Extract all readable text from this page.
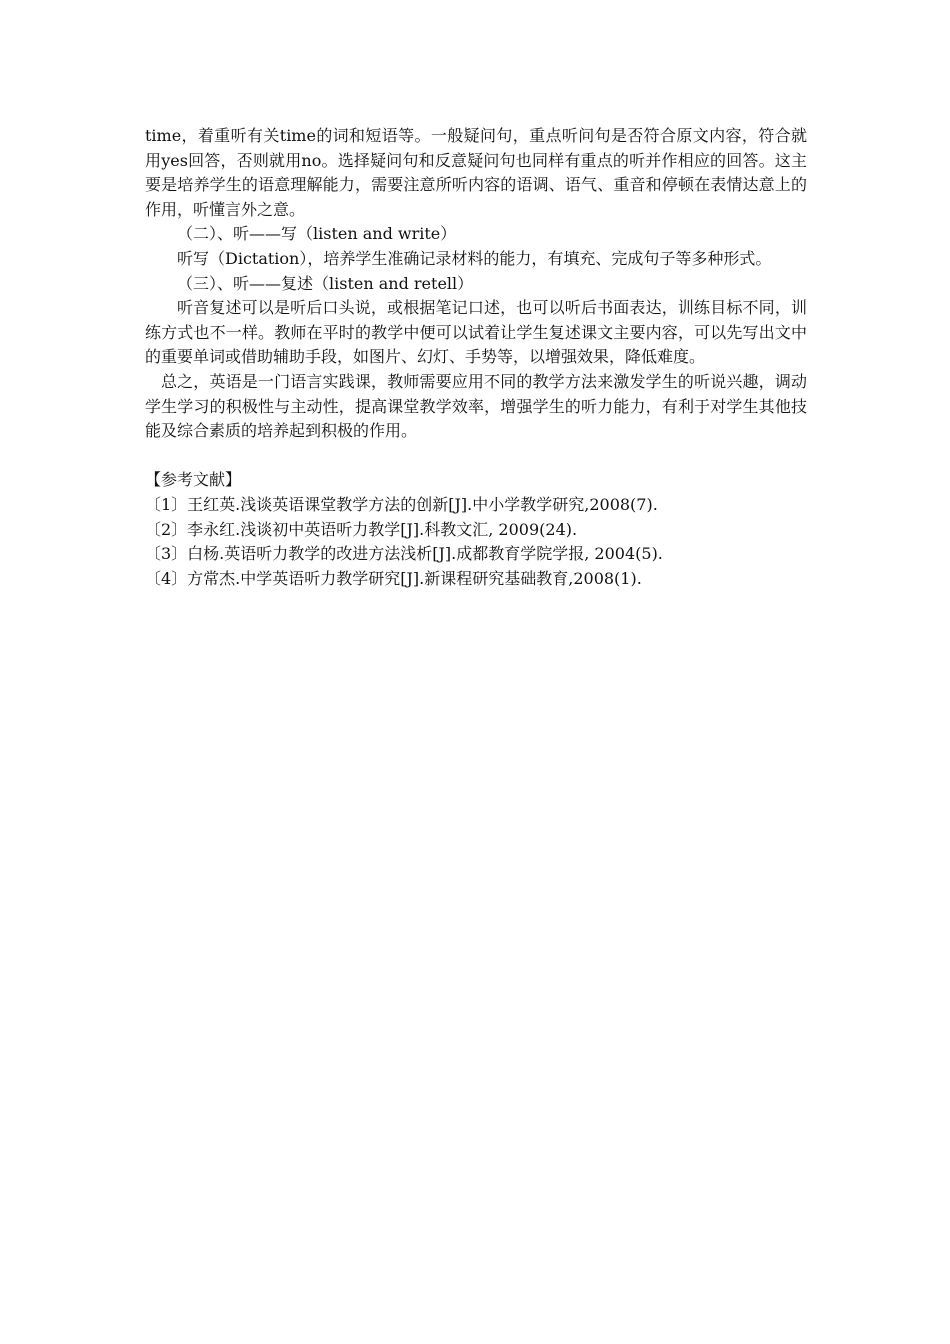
time，着重听有关time的词和短语等。一般疑问句，重点听问句是否符合原文内容，符合就用yes回答，否则就用no。选择疑问句和反意疑问句也同样有重点的听并作相应的回答。这主要是培养学生的语意理解能力，需要注意所听内容的语调、语气、重音和停顿在表情达意上的作用，听懂言外之意。

（二）、听——写（listen and write）

听写（Dictation），培养学生准确记录材料的能力，有填充、完成句子等多种形式。

（三）、听——复述（listen and retell）

听音复述可以是听后口头说，或根据笔记口述，也可以听后书面表达，训练目标不同，训练方式也不一样。教师在平时的教学中便可以试着让学生复述课文主要内容，可以先写出文中的重要单词或借助辅助手段，如图片、幻灯、手势等，以增强效果，降低难度。

总之，英语是一门语言实践课，教师需要应用不同的教学方法来激发学生的听说兴趣，调动学生学习的积极性与主动性，提高课堂教学效率，增强学生的听力能力，有利于对学生其他技能及综合素质的培养起到积极的作用。

【参考文献】

〔1〕王红英.浅谈英语课堂教学方法的创新[J].中小学教学研究,2008(7).

〔2〕李永红.浅谈初中英语听力教学[J].科教文汇, 2009(24).

〔3〕白杨.英语听力教学的改进方法浅析[J].成都教育学院学报, 2004(5).

〔4〕方常杰.中学英语听力教学研究[J].新课程研究基础教育,2008(1).
